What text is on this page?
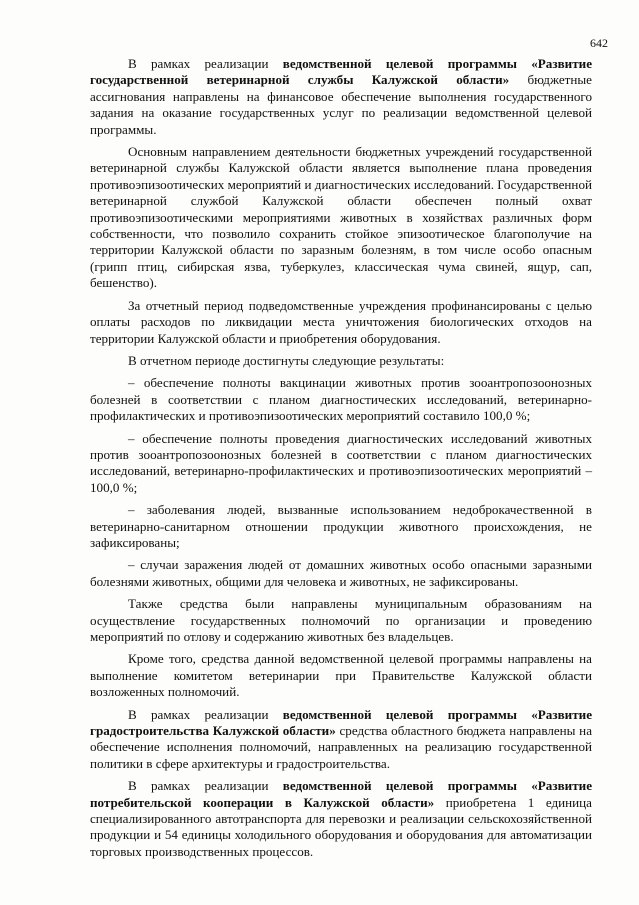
642

В рамках реализации ведомственной целевой программы «Развитие государственной ветеринарной службы Калужской области» бюджетные ассигнования направлены на финансовое обеспечение выполнения государственного задания на оказание государственных услуг по реализации ведомственной целевой программы.

Основным направлением деятельности бюджетных учреждений государственной ветеринарной службы Калужской области является выполнение плана проведения противоэпизоотических мероприятий и диагностических исследований. Государственной ветеринарной службой Калужской области обеспечен полный охват противоэпизоотическими мероприятиями животных в хозяйствах различных форм собственности, что позволило сохранить стойкое эпизоотическое благополучие на территории Калужской области по заразным болезням, в том числе особо опасным (грипп птиц, сибирская язва, туберкулез, классическая чума свиней, ящур, сап, бешенство).

За отчетный период подведомственные учреждения профинансированы с целью оплаты расходов по ликвидации места уничтожения биологических отходов на территории Калужской области и приобретения оборудования.

В отчетном периоде достигнуты следующие результаты:

– обеспечение полноты вакцинации животных против зооантропозоонозных болезней в соответствии с планом диагностических исследований, ветеринарно-профилактических и противоэпизоотических мероприятий составило 100,0 %;

– обеспечение полноты проведения диагностических исследований животных против зооантропозоонозных болезней в соответствии с планом диагностических исследований, ветеринарно-профилактических и противоэпизоотических мероприятий – 100,0 %;

– заболевания людей, вызванные использованием недоброкачественной в ветеринарно-санитарном отношении продукции животного происхождения, не зафиксированы;

– случаи заражения людей от домашних животных особо опасными заразными болезнями животных, общими для человека и животных, не зафиксированы.

Также средства были направлены муниципальным образованиям на осуществление государственных полномочий по организации и проведению мероприятий по отлову и содержанию животных без владельцев.

Кроме того, средства данной ведомственной целевой программы направлены на выполнение комитетом ветеринарии при Правительстве Калужской области возложенных полномочий.

В рамках реализации ведомственной целевой программы «Развитие градостроительства Калужской области» средства областного бюджета направлены на обеспечение исполнения полномочий, направленных на реализацию государственной политики в сфере архитектуры и градостроительства.

В рамках реализации ведомственной целевой программы «Развитие потребительской кооперации в Калужской области» приобретена 1 единица специализированного автотранспорта для перевозки и реализации сельскохозяйственной продукции и 54 единицы холодильного оборудования и оборудования для автоматизации торговых производственных процессов.
